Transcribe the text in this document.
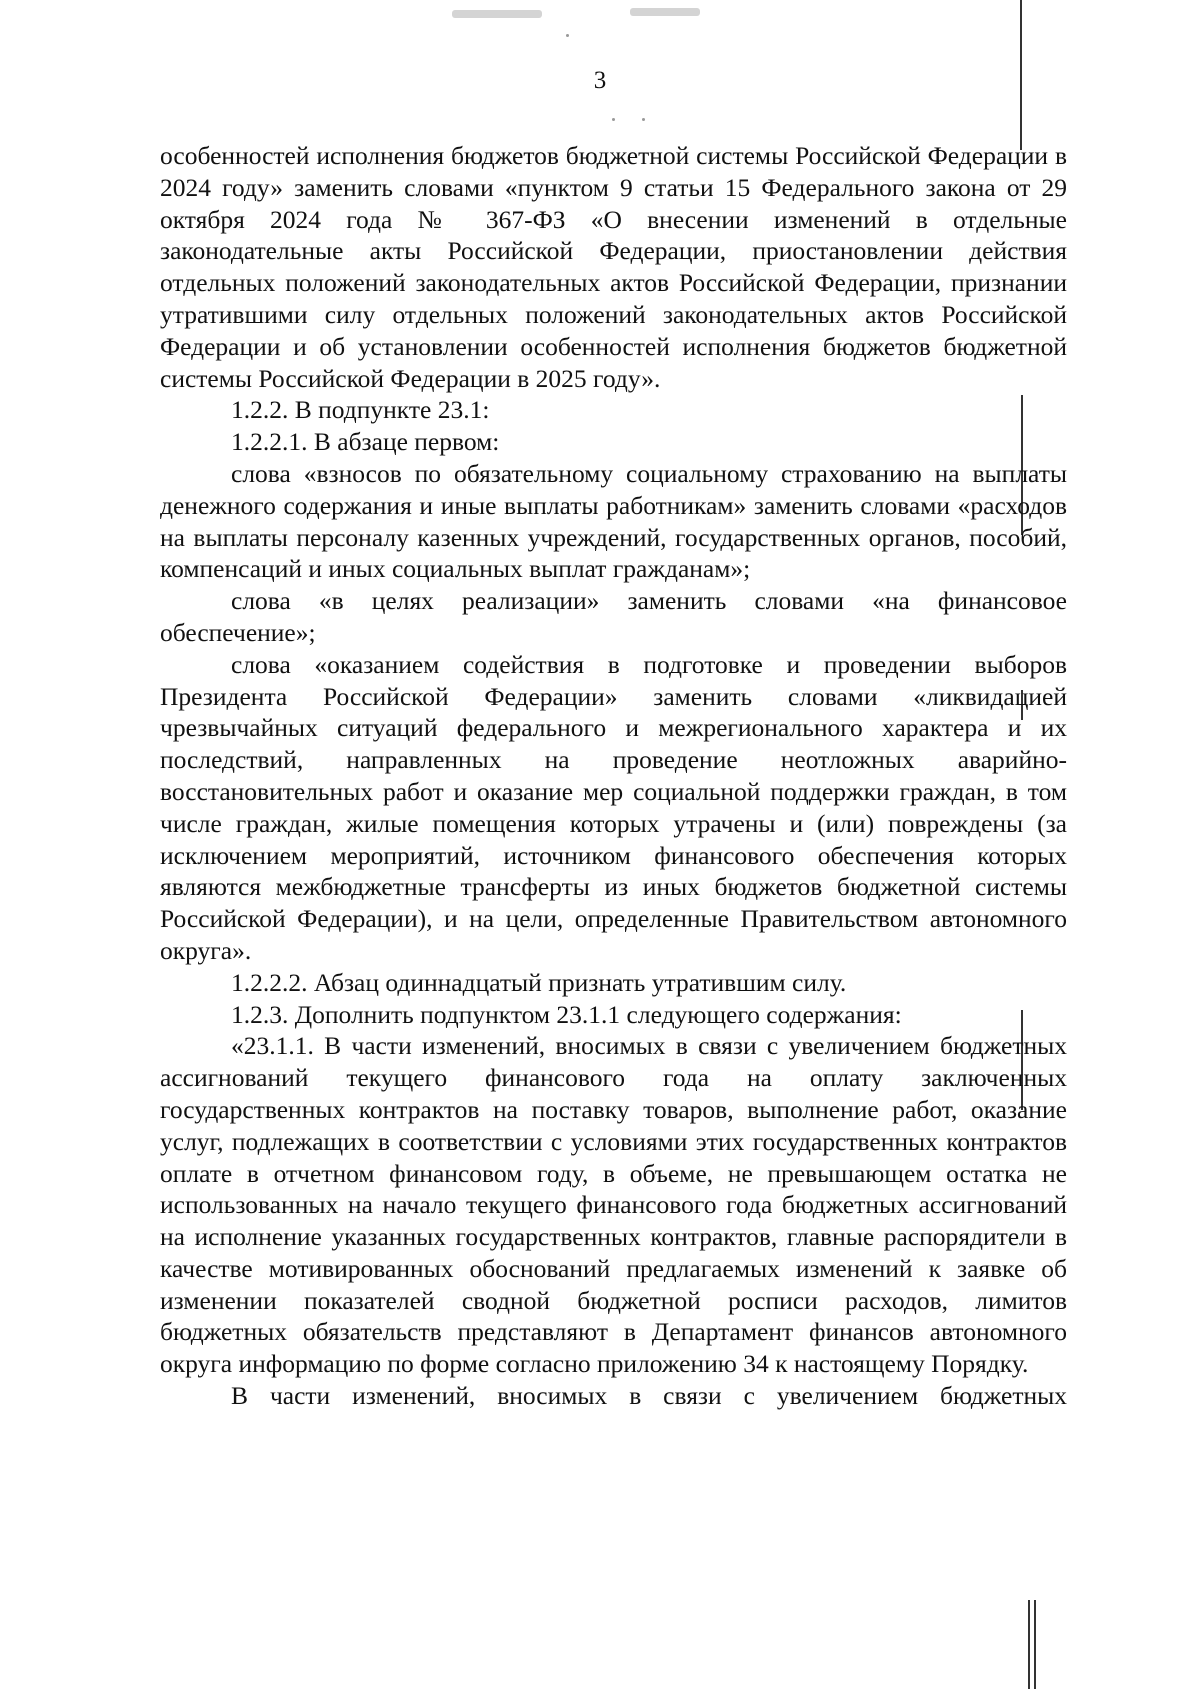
3

особенностей исполнения бюджетов бюджетной системы Российской Федерации в 2024 году» заменить словами «пунктом 9 статьи 15 Федерального закона от 29 октября 2024 года № 367-ФЗ «О внесении изменений в отдельные законодательные акты Российской Федерации, приостановлении действия отдельных положений законодательных актов Российской Федерации, признании утратившими силу отдельных положений законодательных актов Российской Федерации и об установлении особенностей исполнения бюджетов бюджетной системы Российской Федерации в 2025 году».

1.2.2. В подпункте 23.1:

1.2.2.1. В абзаце первом:

слова «взносов по обязательному социальному страхованию на выплаты денежного содержания и иные выплаты работникам» заменить словами «расходов на выплаты персоналу казенных учреждений, государственных органов, пособий, компенсаций и иных социальных выплат гражданам»;

слова «в целях реализации» заменить словами «на финансовое обеспечение»;

слова «оказанием содействия в подготовке и проведении выборов Президента Российской Федерации» заменить словами «ликвидацией чрезвычайных ситуаций федерального и межрегионального характера и их последствий, направленных на проведение неотложных аварийно-восстановительных работ и оказание мер социальной поддержки граждан, в том числе граждан, жилые помещения которых утрачены и (или) повреждены (за исключением мероприятий, источником финансового обеспечения которых являются межбюджетные трансферты из иных бюджетов бюджетной системы Российской Федерации), и на цели, определенные Правительством автономного округа».

1.2.2.2. Абзац одиннадцатый признать утратившим силу.

1.2.3. Дополнить подпунктом 23.1.1 следующего содержания:

«23.1.1. В части изменений, вносимых в связи с увеличением бюджетных ассигнований текущего финансового года на оплату заключенных государственных контрактов на поставку товаров, выполнение работ, оказание услуг, подлежащих в соответствии с условиями этих государственных контрактов оплате в отчетном финансовом году, в объеме, не превышающем остатка не использованных на начало текущего финансового года бюджетных ассигнований на исполнение указанных государственных контрактов, главные распорядители в качестве мотивированных обоснований предлагаемых изменений к заявке об изменении показателей сводной бюджетной росписи расходов, лимитов бюджетных обязательств представляют в Департамент финансов автономного округа информацию по форме согласно приложению 34 к настоящему Порядку.

В части изменений, вносимых в связи с увеличением бюджетных
